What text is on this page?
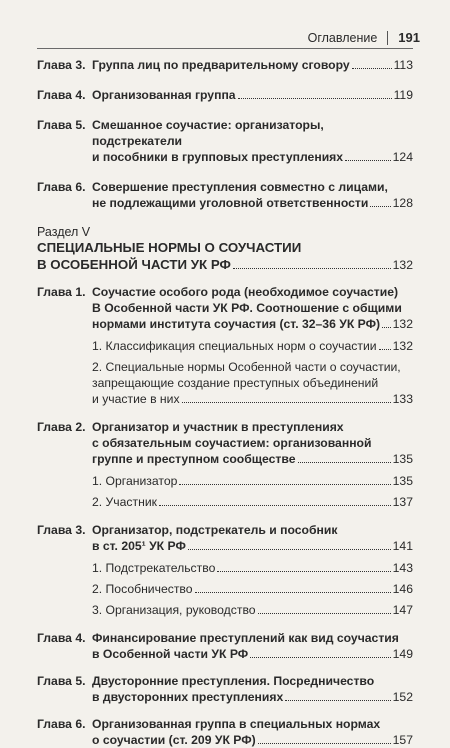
Оглавление 191
Глава 3. Группа лиц по предварительному сговору	113
Глава 4. Организованная группа	119
Глава 5. Смешанное соучастие: организаторы, подстрекатели
и пособники в групповых преступлениях	124
Глава 6. Совершение преступления совместно с лицами,
не подлежащими уголовной ответственности 128
Раздел V
СПЕЦИАЛЬНЫЕ НОРМЫ О СОУЧАСТИИ
В ОСОБЕННОЙ ЧАСТИ УК РФ	132
Глава 1. Соучастие особого рода (необходимое соучастие)
В Особенной части УК РФ. Соотношение с общими
нормами института соучастия (ст. 32–36 УК РФ) 132
1. Классификация специальных норм о соучастии 132
2. Специальные нормы Особенной части о соучастии,
запрещающие создание преступных объединений
и участие в них	133
Глава 2. Организатор и участник в преступлениях
с обязательным соучастием: организованной
группе и преступном сообществе	135
1. Организатор	135
2. Участник	137
Глава 3. Организатор, подстрекатель и пособник
в ст. 205¹ УК РФ	141
1. Подстрекательство	143
2. Пособничество	146
3. Организация, руководство	147
Глава 4. Финансирование преступлений как вид соучастия
в Особенной части УК РФ	149
Глава 5. Двусторонние преступления. Посредничество
в двусторонних преступлениях	152
Глава 6. Организованная группа в специальных нормах
о соучастии (ст. 209 УК РФ)	157
